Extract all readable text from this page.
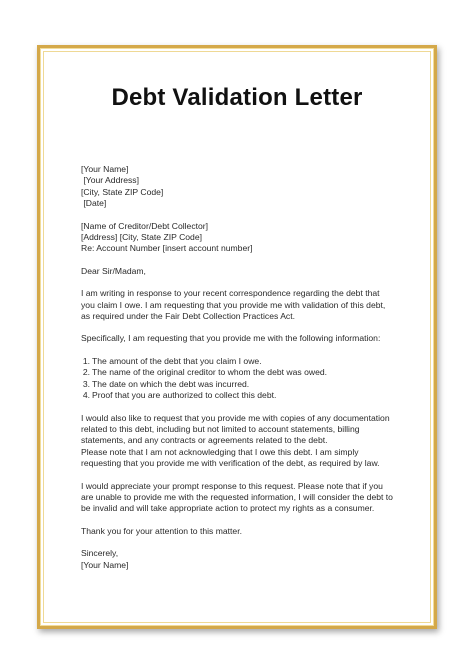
Debt Validation Letter
[Your Name]
[Your Address]
[City, State ZIP Code]
[Date]
[Name of Creditor/Debt Collector]
[Address] [City, State ZIP Code]
Re: Account Number [insert account number]
Dear Sir/Madam,
I am writing in response to your recent correspondence regarding the debt that
you claim I owe. I am requesting that you provide me with validation of this debt,
as required under the Fair Debt Collection Practices Act.
Specifically, I am requesting that you provide me with the following information:
1. The amount of the debt that you claim I owe.
2. The name of the original creditor to whom the debt was owed.
3. The date on which the debt was incurred.
4. Proof that you are authorized to collect this debt.
I would also like to request that you provide me with copies of any documentation
related to this debt, including but not limited to account statements, billing
statements, and any contracts or agreements related to the debt.
Please note that I am not acknowledging that I owe this debt. I am simply
requesting that you provide me with verification of the debt, as required by law.
I would appreciate your prompt response to this request. Please note that if you
are unable to provide me with the requested information, I will consider the debt to
be invalid and will take appropriate action to protect my rights as a consumer.
Thank you for your attention to this matter.
Sincerely,
[Your Name]
